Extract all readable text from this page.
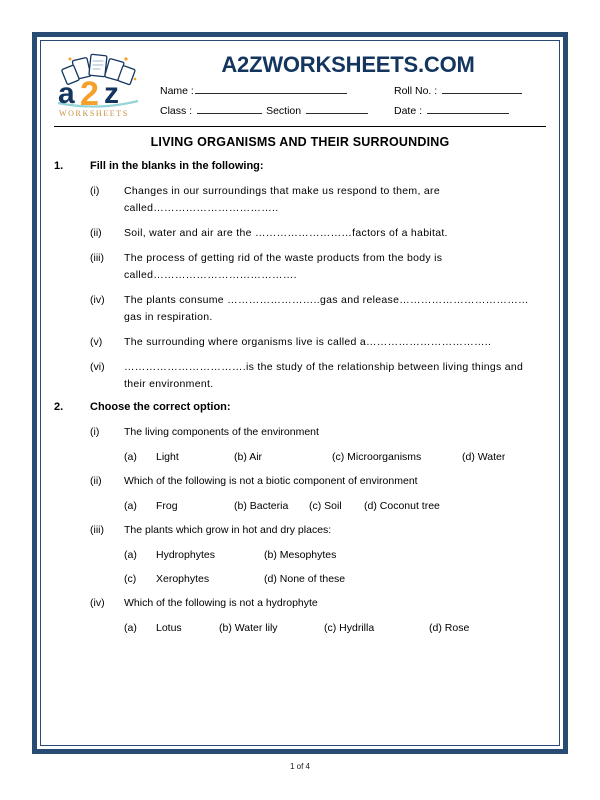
a 2 z
WORKSHEETS
A2ZWORKSHEETS.COM
Name :	Roll No. :
Class :	Section	Date :
LIVING ORGANISMS AND THEIR SURROUNDING
1.	Fill in the blanks in the following:
(i)	Changes in our surroundings that make us respond to them, are called……………………………..
(ii)	Soil, water and air are the ………………………factors of a habitat.
(iii)	The process of getting rid of the waste products from the body is called………………………………….
(iv)	The plants consume ……………………..gas and release………………………………gas in respiration.
(v)	The surrounding where organisms live is called a……………………………..
(vi)	…………………………….is the study of the relationship between living things and their environment.
2.	Choose the correct option:
(i)	The living components of the environment
(a)	Light	(b) Air	(c) Microorganisms	(d) Water
(ii)	Which of the following is not a biotic component of environment
(a)	Frog	(b) Bacteria	(c) Soil	(d) Coconut tree
(iii)	The plants which grow in hot and dry places:
(a)	Hydrophytes	(b) Mesophytes
(c)	Xerophytes	(d) None of these
(iv)	Which of the following is not a hydrophyte
(a)	Lotus	(b) Water lily	(c) Hydrilla	(d) Rose
1 of 4
